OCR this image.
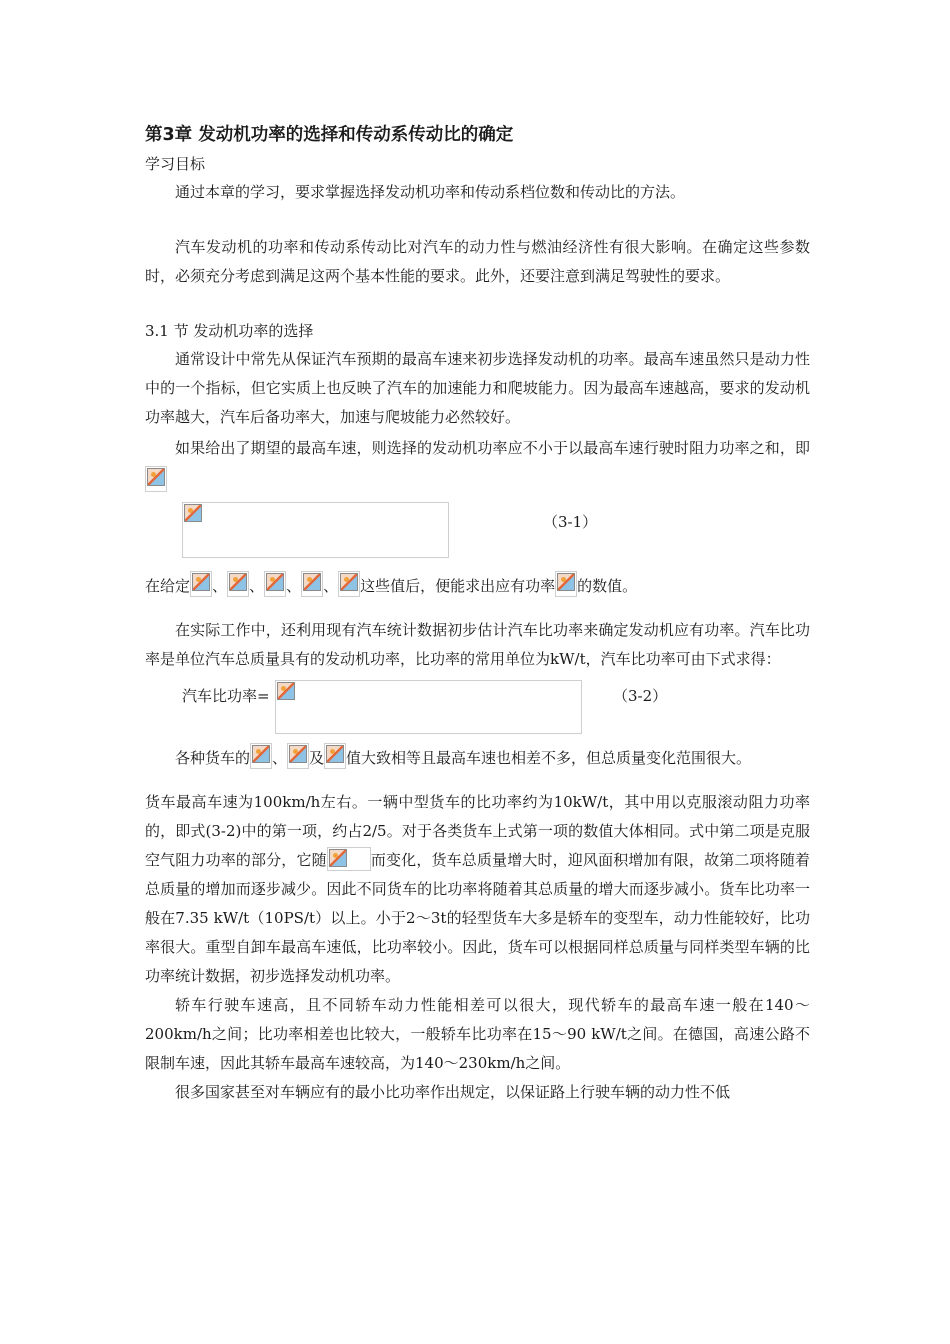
第3章 发动机功率的选择和传动系传动比的确定
学习目标

通过本章的学习，要求掌握选择发动机功率和传动系档位数和传动比的方法。

汽车发动机的功率和传动系传动比对汽车的动力性与燃油经济性有很大影响。在确定这些参数时，必须充分考虑到满足这两个基本性能的要求。此外，还要注意到满足驾驶性的要求。

3.1 节 发动机功率的选择

通常设计中常先从保证汽车预期的最高车速来初步选择发动机的功率。最高车速虽然只是动力性中的一个指标，但它实质上也反映了汽车的加速能力和爬坡能力。因为最高车速越高，要求的发动机功率越大，汽车后备功率大，加速与爬坡能力必然较好。

如果给出了期望的最高车速，则选择的发动机功率应不小于以最高车速行驶时阻力功率之和，即

（3-1）

在给定 、 、 、 、 这些值后，便能求出应有功率 的数值。

在实际工作中，还利用现有汽车统计数据初步估计汽车比功率来确定发动机应有功率。汽车比功率是单位汽车总质量具有的发动机功率，比功率的常用单位为kW/t，汽车比功率可由下式求得：

汽车比功率=	（3-2）

各种货车的 、 及 值大致相等且最高车速也相差不多，但总质量变化范围很大。

货车最高车速为100km/h左右。一辆中型货车的比功率约为10kW/t，其中用以克服滚动阻力功率的，即式(3-2)中的第一项，约占2/5。对于各类货车上式第一项的数值大体相同。式中第二项是克服空气阻力功率的部分，它随	而变化，货车总质量增大时，迎风面积增加有限，故第二项将随着总质量的增加而逐步减少。因此不同货车的比功率将随着其总质量的增大而逐步减小。货车比功率一般在7.35 kW/t（10PS/t）以上。小于2～3t的轻型货车大多是轿车的变型车，动力性能较好，比功率很大。重型自卸车最高车速低，比功率较小。因此，货车可以根据同样总质量与同样类型车辆的比功率统计数据，初步选择发动机功率。

轿车行驶车速高，且不同轿车动力性能相差可以很大，现代轿车的最高车速一般在140～200km/h之间；比功率相差也比较大，一般轿车比功率在15～90 kW/t之间。在德国，高速公路不限制车速，因此其轿车最高车速较高，为140～230km/h之间。

很多国家甚至对车辆应有的最小比功率作出规定，以保证路上行驶车辆的动力性不低
